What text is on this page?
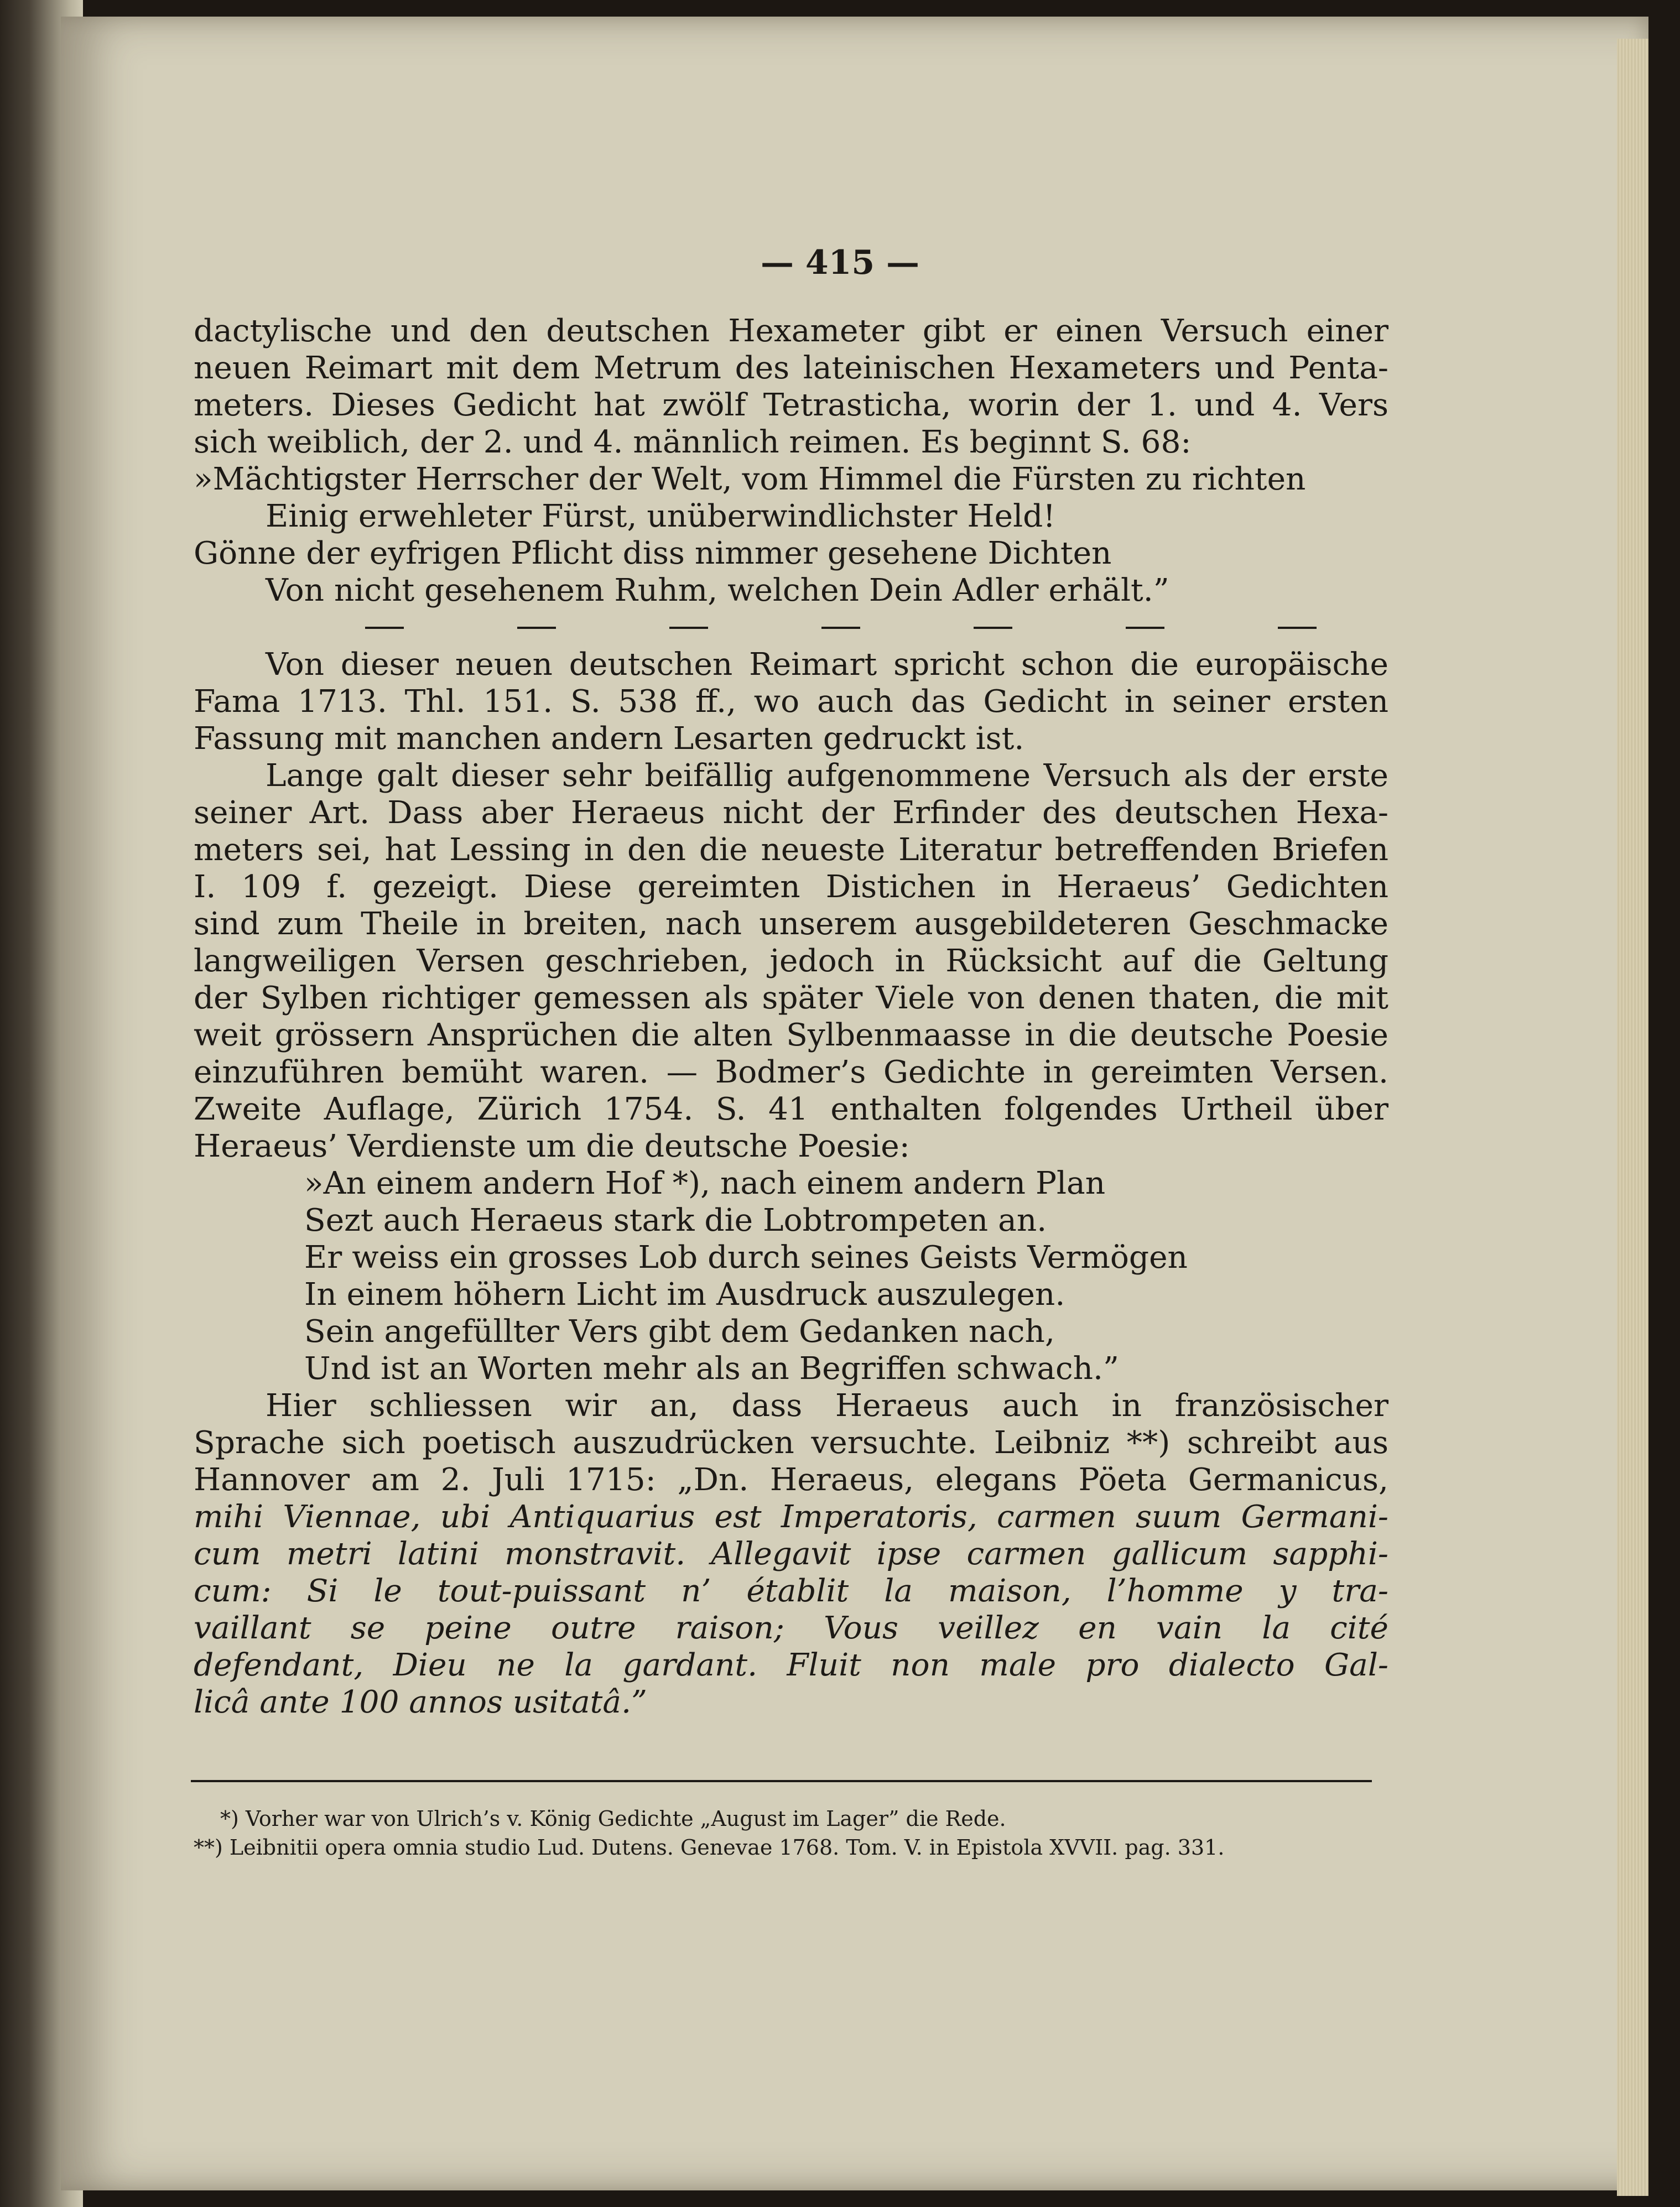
— 415 —
dactylische und den deutschen Hexameter gibt er einen Versuch einer
neuen Reimart mit dem Metrum des lateinischen Hexameters und Penta-
meters. Dieses Gedicht hat zwölf Tetrasticha, worin der 1. und 4. Vers
sich weiblich, der 2. und 4. männlich reimen. Es beginnt S. 68:
»Mächtigster Herrscher der Welt, vom Himmel die Fürsten zu richten
Einig erwehleter Fürst, unüberwindlichster Held!
Gönne der eyfrigen Pflicht diss nimmer gesehene Dichten
Von nicht gesehenem Ruhm, welchen Dein Adler erhält.”
Von dieser neuen deutschen Reimart spricht schon die europäische
Fama 1713. Thl. 151. S. 538 ff., wo auch das Gedicht in seiner ersten
Fassung mit manchen andern Lesarten gedruckt ist.
Lange galt dieser sehr beifällig aufgenommene Versuch als der erste
seiner Art. Dass aber Heraeus nicht der Erfinder des deutschen Hexa-
meters sei, hat Lessing in den die neueste Literatur betreffenden Briefen
I. 109 f. gezeigt. Diese gereimten Distichen in Heraeus’ Gedichten
sind zum Theile in breiten, nach unserem ausgebildeteren Geschmacke
langweiligen Versen geschrieben, jedoch in Rücksicht auf die Geltung
der Sylben richtiger gemessen als später Viele von denen thaten, die mit
weit grössern Ansprüchen die alten Sylbenmaasse in die deutsche Poesie
einzuführen bemüht waren. — Bodmer’s Gedichte in gereimten Versen.
Zweite Auflage, Zürich 1754. S. 41 enthalten folgendes Urtheil über
Heraeus’ Verdienste um die deutsche Poesie:
»An einem andern Hof *), nach einem andern Plan
Sezt auch Heraeus stark die Lobtrompeten an.
Er weiss ein grosses Lob durch seines Geists Vermögen
In einem höhern Licht im Ausdruck auszulegen.
Sein angefüllter Vers gibt dem Gedanken nach,
Und ist an Worten mehr als an Begriffen schwach.”
Hier schliessen wir an, dass Heraeus auch in französischer
Sprache sich poetisch auszudrücken versuchte. Leibniz **) schreibt aus
Hannover am 2. Juli 1715: „Dn. Heraeus, elegans Pöeta Germanicus,
mihi Viennae, ubi Antiquarius est Imperatoris, carmen suum Germani-
cum metri latini monstravit. Allegavit ipse carmen gallicum sapphi-
cum: Si le tout-puissant n’ établit la maison, l’homme y tra-
vaillant se peine outre raison; Vous veillez en vain la cité
defendant, Dieu ne la gardant. Fluit non male pro dialecto Gal-
licâ ante 100 annos usitatâ.”
*) Vorher war von Ulrich’s v. König Gedichte „August im Lager” die Rede.
**) Leibnitii opera omnia studio Lud. Dutens. Genevae 1768. Tom. V. in Epistola XVVII. pag. 331.
